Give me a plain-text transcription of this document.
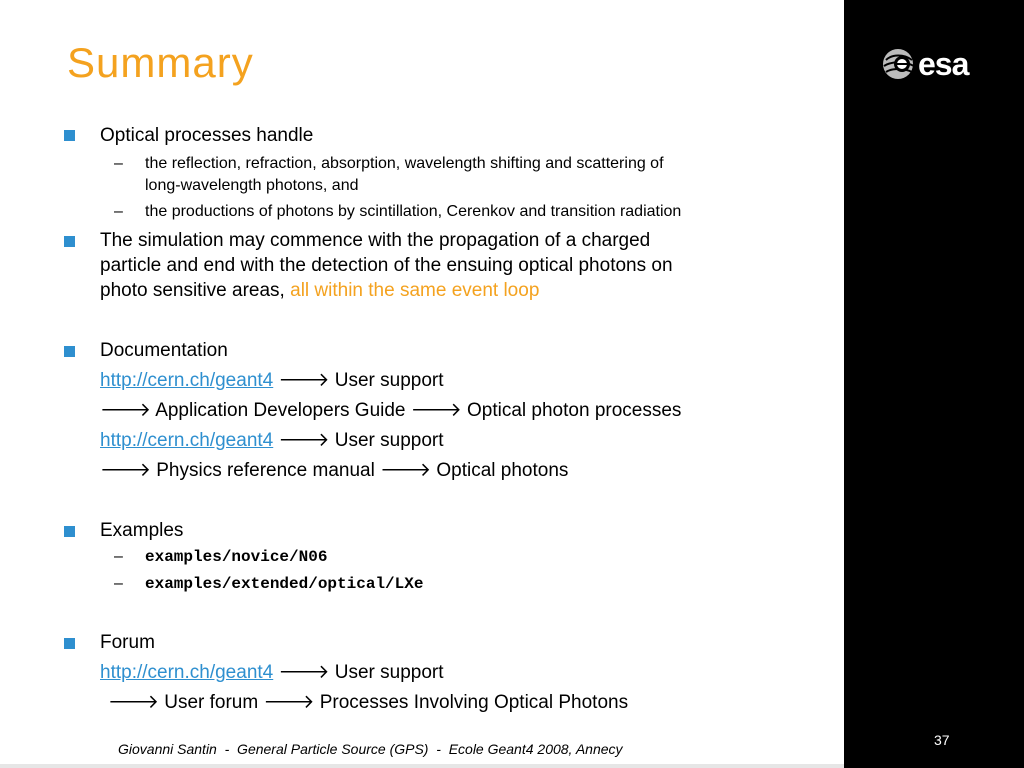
esa
Summary
Optical processes handle
– the reflection, refraction, absorption, wavelength shifting and scattering of
long-wavelength photons, and
– the productions of photons by scintillation, Cerenkov and transition radiation
The simulation may commence with the propagation of a charged
particle and end with the detection of the ensuing optical photons on
photo sensitive areas, all within the same event loop
Documentation
http://cern.ch/geant4 🡒 User support
🡒 Application Developers Guide 🡒 Optical photon processes
http://cern.ch/geant4 🡒 User support
🡒 Physics reference manual 🡒 Optical photons
Examples
– examples/novice/N06
– examples/extended/optical/LXe
Forum
http://cern.ch/geant4 🡒 User support
🡒 User forum 🡒 Processes Involving Optical Photons
Giovanni Santin  -  General Particle Source (GPS)  -  Ecole Geant4 2008, Annecy
37
